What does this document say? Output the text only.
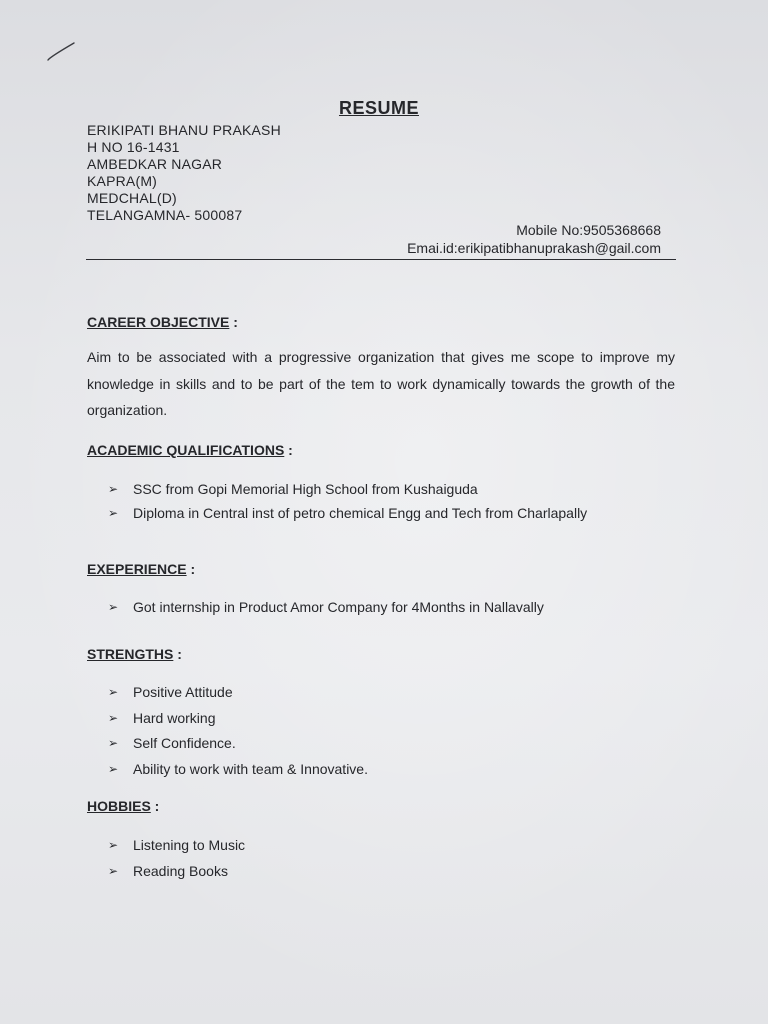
RESUME
ERIKIPATI BHANU PRAKASH
H NO 16-1431
AMBEDKAR NAGAR
KAPRA(M)
MEDCHAL(D)
TELANGAMNA- 500087
Mobile No:9505368668
Emai.id:erikipatibhanuprakash@gail.com
CAREER OBJECTIVE :
Aim to be associated with a progressive organization that gives me scope to improve my knowledge in skills and to be part of the tem to work dynamically towards the growth of the organization.
ACADEMIC QUALIFICATIONS :
➢ SSC from Gopi Memorial High School from Kushaiguda
➢ Diploma in Central inst of petro chemical Engg and Tech from Charlapally
EXEPERIENCE :
➢ Got internship in Product Amor Company for 4Months in Nallavally
STRENGTHS :
➢ Positive Attitude
➢ Hard working
➢ Self Confidence.
➢ Ability to work with team & Innovative.
HOBBIES :
➢ Listening to Music
➢ Reading Books
